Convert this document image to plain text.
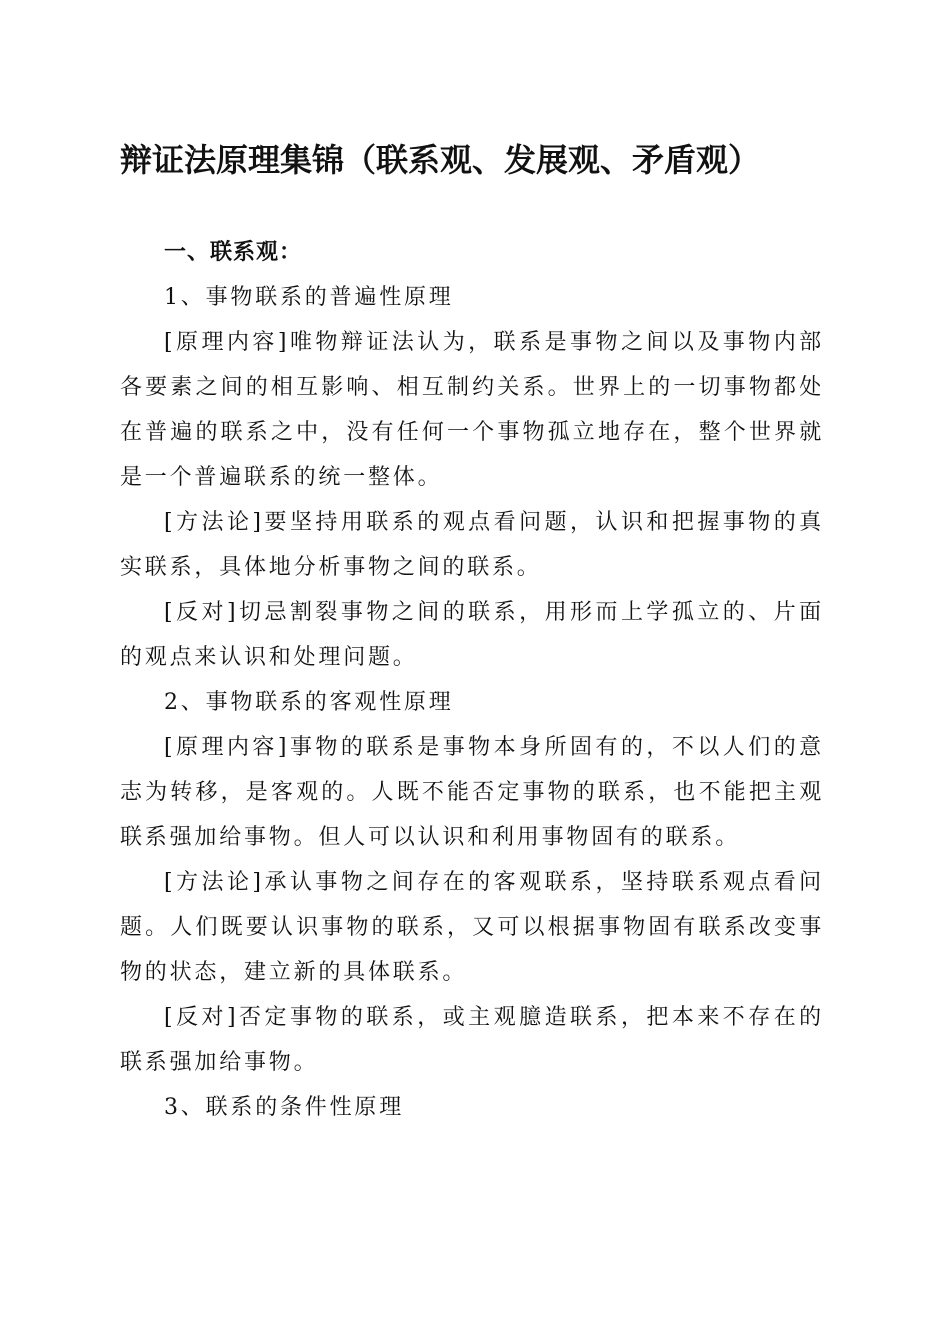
辩证法原理集锦（联系观、发展观、矛盾观）

一、联系观：

1、事物联系的普遍性原理

[原理内容]唯物辩证法认为，联系是事物之间以及事物内部各要素之间的相互影响、相互制约关系。世界上的一切事物都处在普遍的联系之中，没有任何一个事物孤立地存在，整个世界就是一个普遍联系的统一整体。

[方法论]要坚持用联系的观点看问题，认识和把握事物的真实联系，具体地分析事物之间的联系。

[反对]切忌割裂事物之间的联系，用形而上学孤立的、片面的观点来认识和处理问题。

2、事物联系的客观性原理

[原理内容]事物的联系是事物本身所固有的，不以人们的意志为转移，是客观的。人既不能否定事物的联系，也不能把主观联系强加给事物。但人可以认识和利用事物固有的联系。

[方法论]承认事物之间存在的客观联系，坚持联系观点看问题。人们既要认识事物的联系，又可以根据事物固有联系改变事物的状态，建立新的具体联系。

[反对]否定事物的联系，或主观臆造联系，把本来不存在的联系强加给事物。

3、联系的条件性原理
